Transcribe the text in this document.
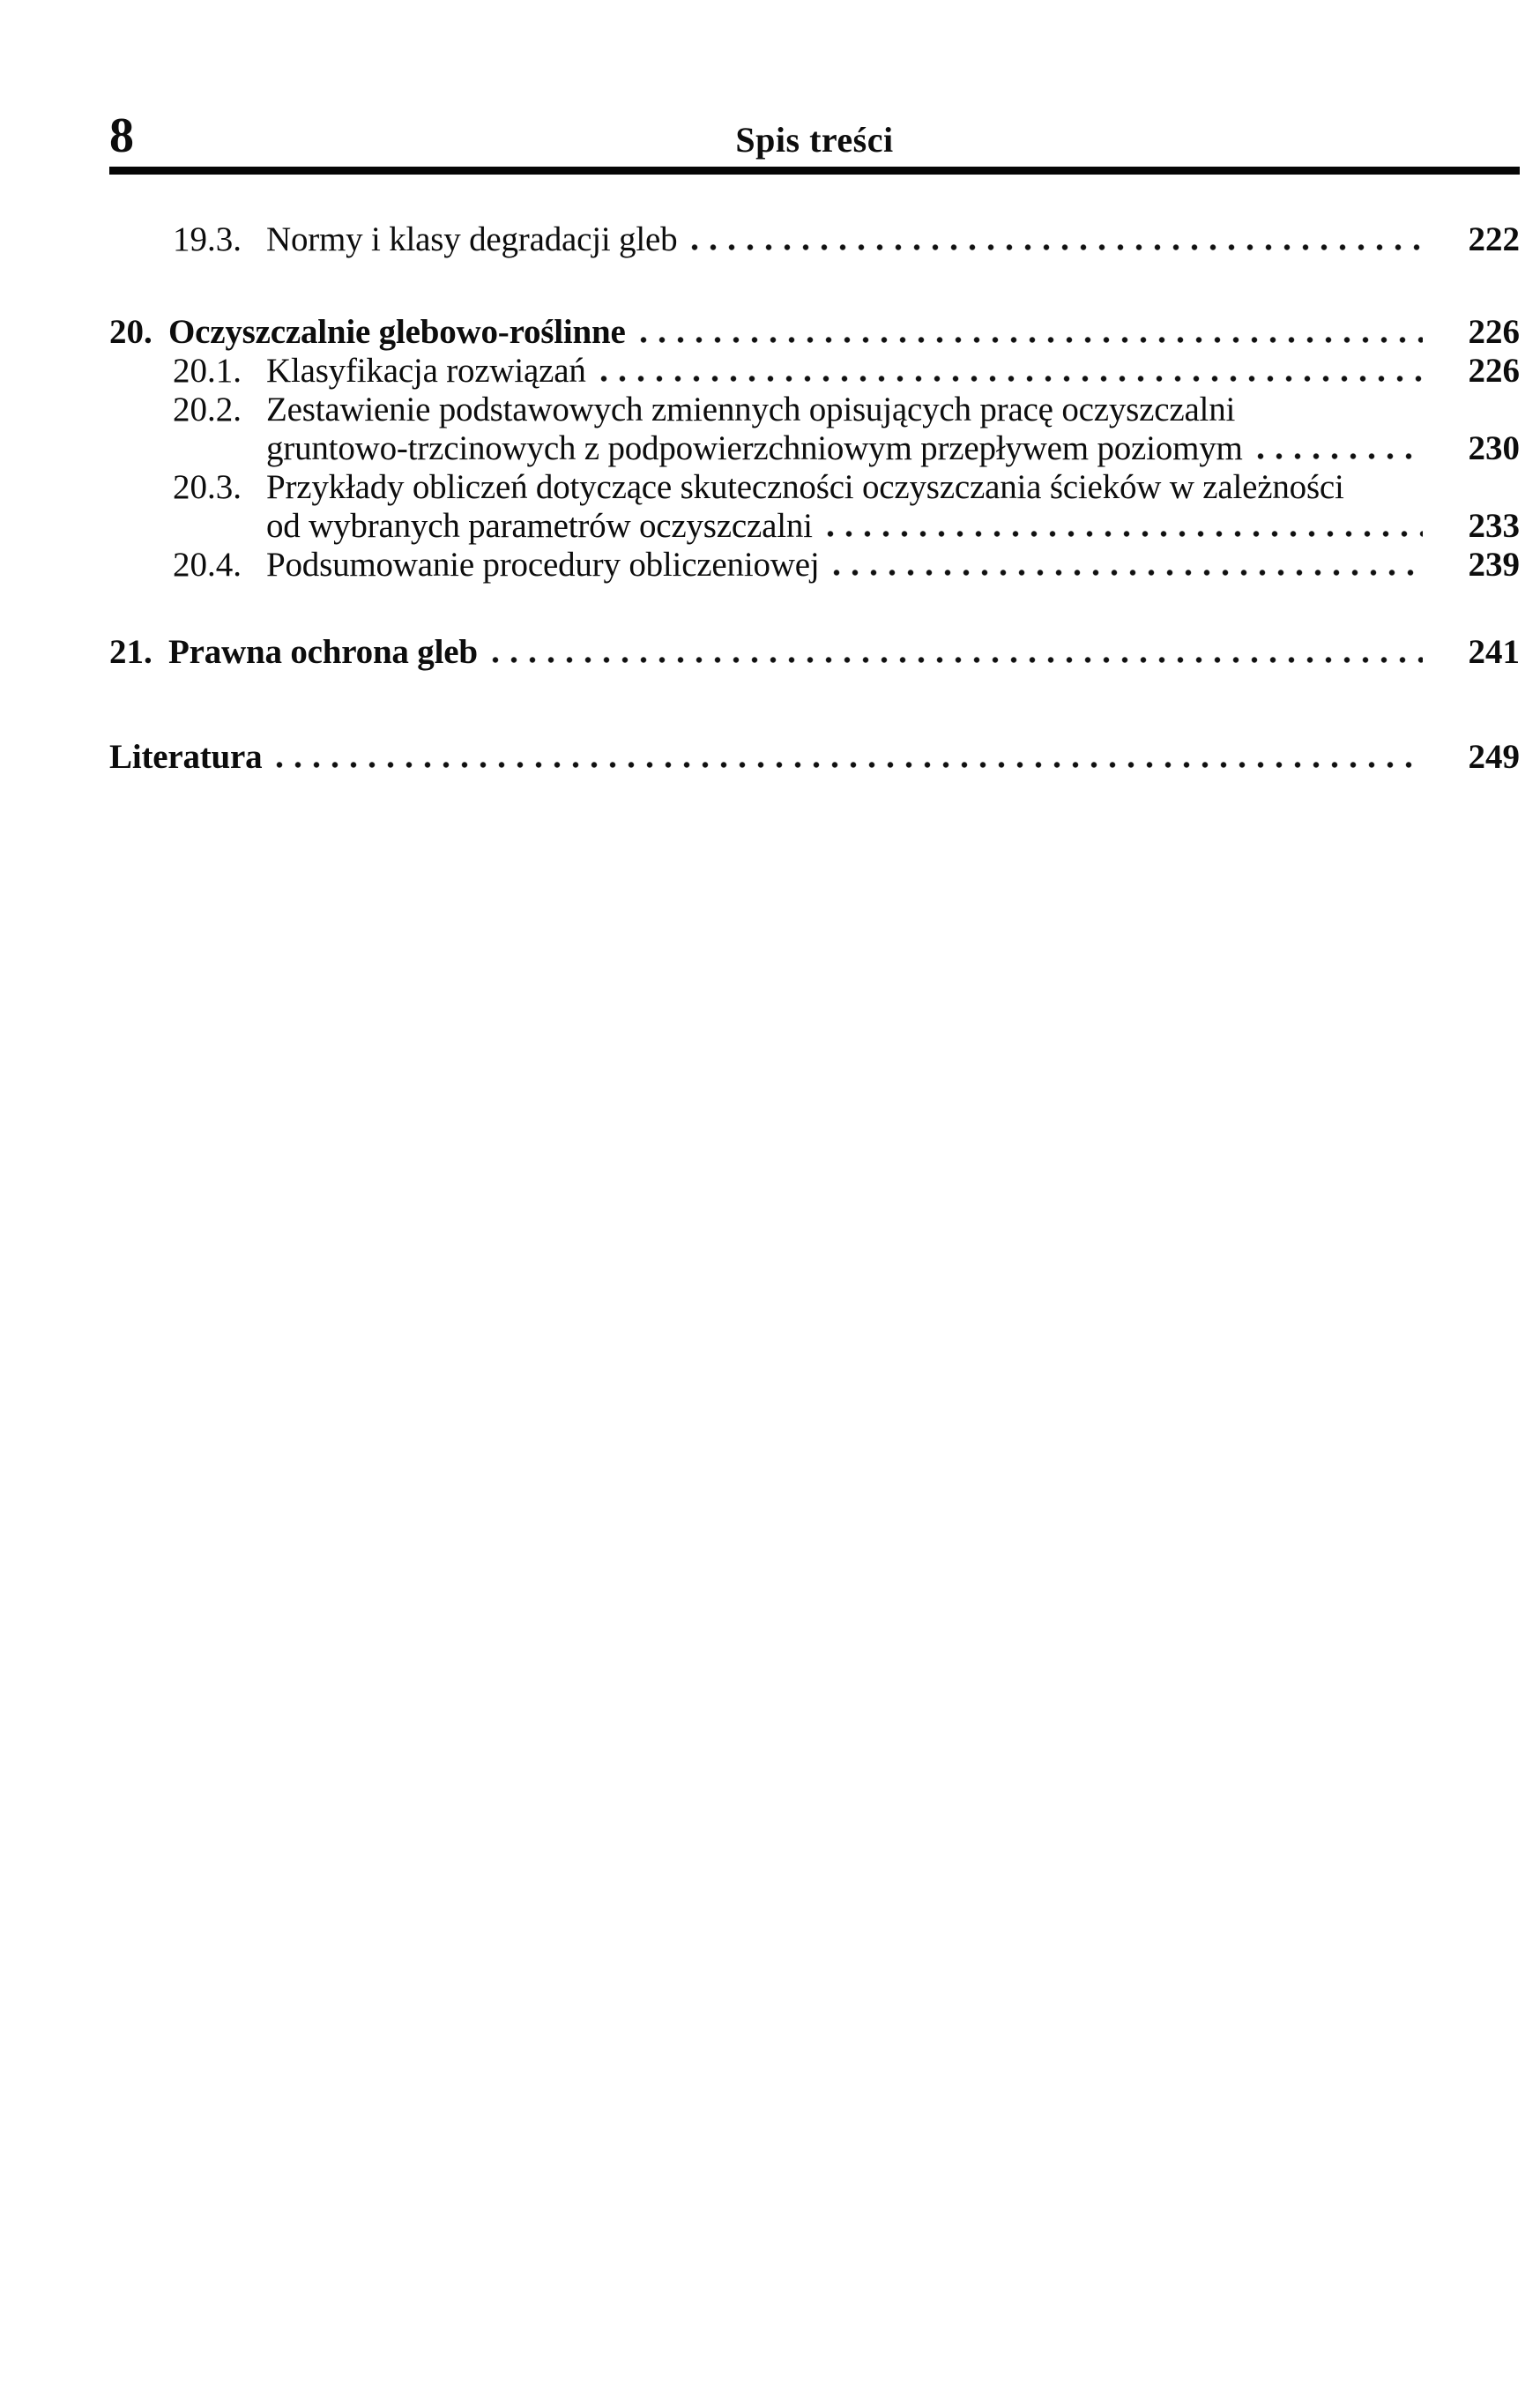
8	Spis treści
19.3. Normy i klasy degradacji gleb	222
20. Oczyszczalnie glebowo-roślinne	226
20.1. Klasyfikacja rozwiązań	226
20.2. Zestawienie podstawowych zmiennych opisujących pracę oczyszczalni
gruntowo-trzcinowych z podpowierzchniowym przepływem poziomym	230
20.3. Przykłady obliczeń dotyczące skuteczności oczyszczania ścieków w zależności
od wybranych parametrów oczyszczalni	233
20.4. Podsumowanie procedury obliczeniowej	239
21. Prawna ochrona gleb	241
Literatura	249
